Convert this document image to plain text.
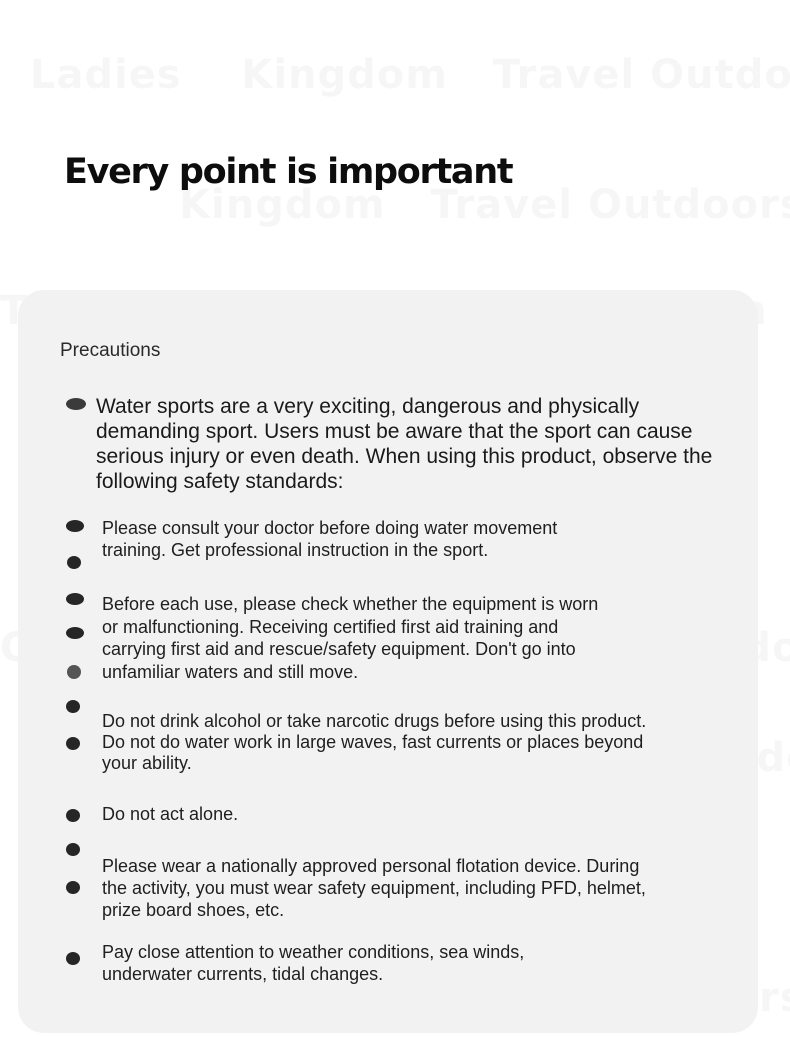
Every point is important
Precautions

Water sports are a very exciting, dangerous and physically demanding sport. Users must be aware that the sport can cause serious injury or even death. When using this product, observe the following safety standards:

Please consult your doctor before doing water movement

training. Get professional instruction in the sport.

Before each use, please check whether the equipment is worn

or malfunctioning. Receiving certified first aid training and

carrying first aid and rescue/safety equipment. Don't go into

unfamiliar waters and still move.

Do not drink alcohol or take narcotic drugs before using this product.

Do not do water work in large waves, fast currents or places beyond

your ability.

Do not act alone.

Please wear a nationally approved personal flotation device. During

the activity, you must wear safety equipment, including PFD, helmet,

prize board shoes, etc.

Pay close attention to weather conditions, sea winds,

underwater currents, tidal changes.
